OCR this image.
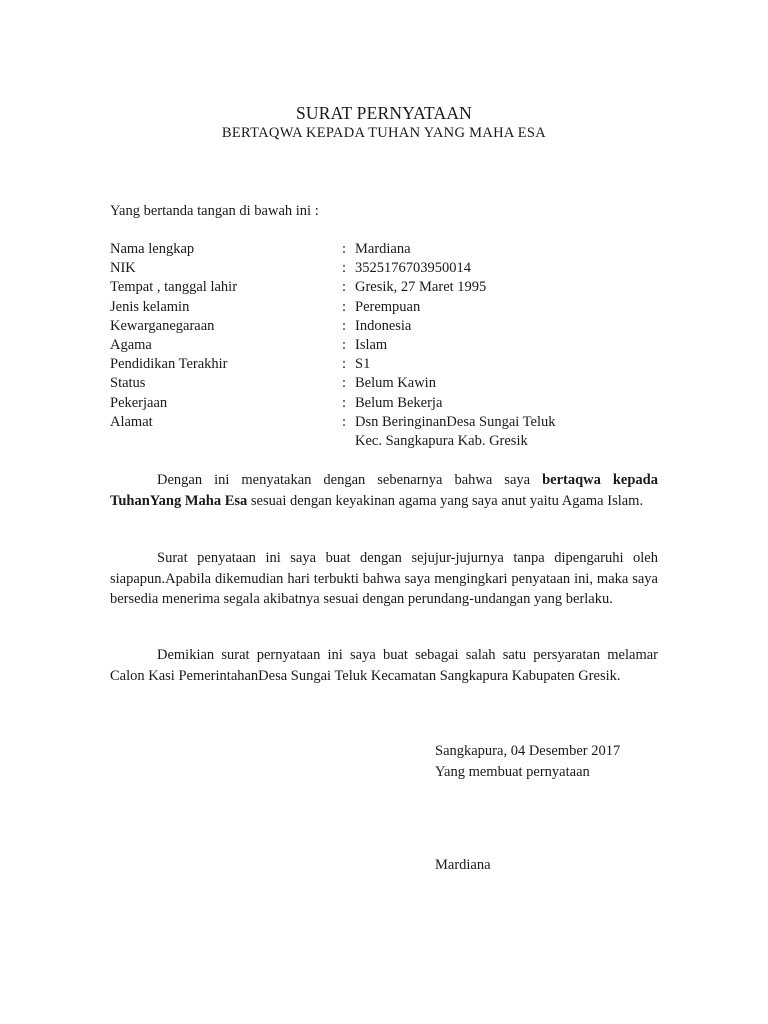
SURAT PERNYATAAN
BERTAQWA KEPADA TUHAN YANG MAHA ESA
Yang bertanda tangan di bawah ini :
Nama lengkap	: Mardiana
NIK	: 3525176703950014
Tempat , tanggal lahir	: Gresik, 27 Maret 1995
Jenis kelamin	: Perempuan
Kewarganegaraan	: Indonesia
Agama	: Islam
Pendidikan Terakhir	: S1
Status	: Belum Kawin
Pekerjaan	: Belum Bekerja
Alamat	: Dsn BeringinanDesa Sungai Teluk
Kec. Sangkapura Kab. Gresik

Dengan ini menyatakan dengan sebenarnya bahwa saya bertaqwa kepada TuhanYang Maha Esa sesuai dengan keyakinan agama yang saya anut yaitu Agama Islam.

Surat penyataan ini saya buat dengan sejujur-jujurnya tanpa dipengaruhi oleh siapapun.Apabila dikemudian hari terbukti bahwa saya mengingkari penyataan ini, maka saya bersedia menerima segala akibatnya sesuai dengan perundang-undangan yang berlaku.

Demikian surat pernyataan ini saya buat sebagai salah satu persyaratan melamar Calon Kasi PemerintahanDesa Sungai Teluk Kecamatan Sangkapura Kabupaten Gresik.

Sangkapura, 04 Desember 2017
Yang membuat pernyataan
Mardiana
